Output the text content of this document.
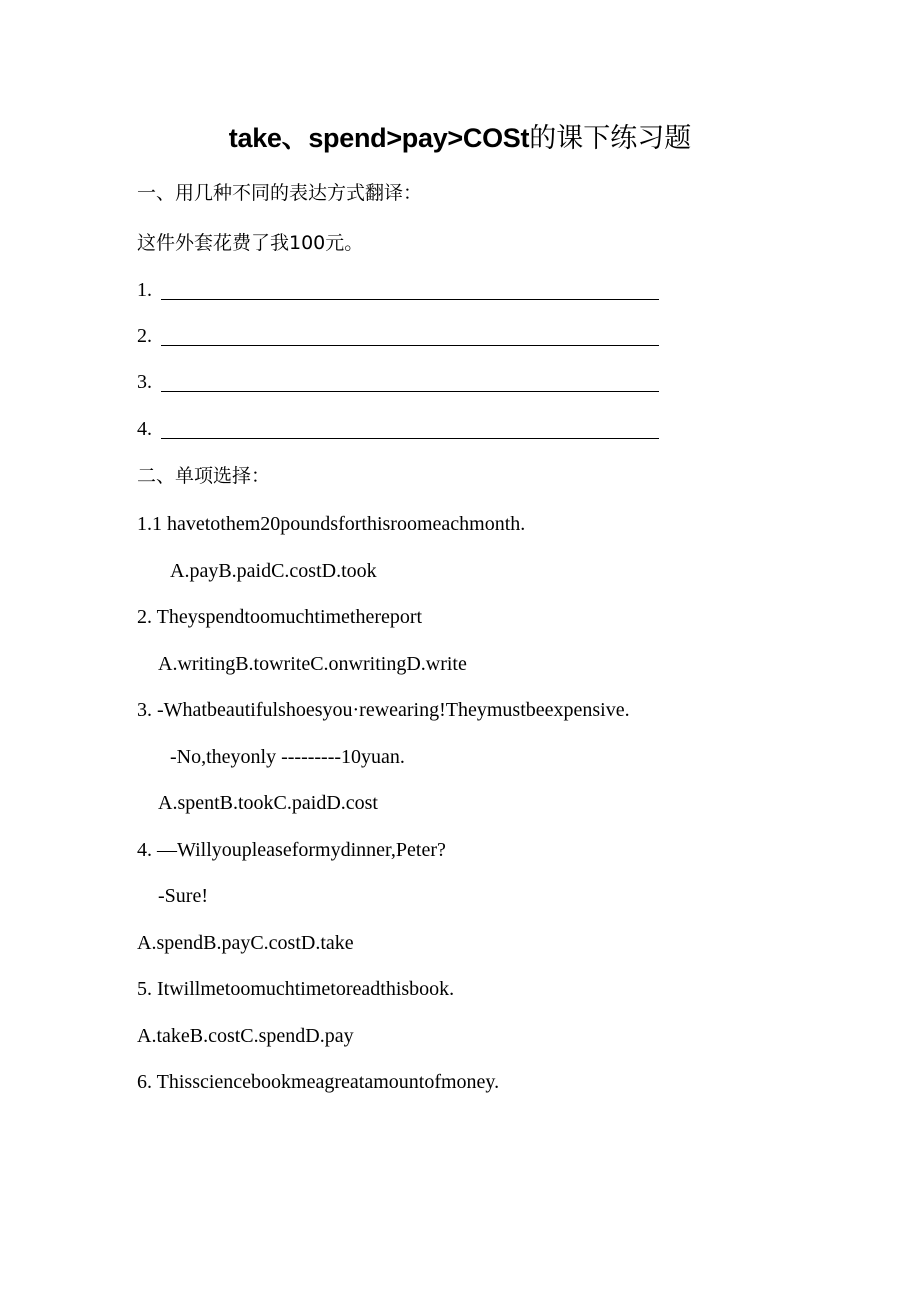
take、spend>pay>COSt的课下练习题
一、用几种不同的表达方式翻译：
这件外套花费了我100元。
1.
2.
3.
4.
二、单项选择：
1.1 havetothem20poundsforthisroomeachmonth.
A.payB.paidC.costD.took
2. Theyspendtoomuchtimethereport
A.writingB.towriteC.onwritingD.write
3. -Whatbeautifulshoesyou·rewearing!Theymustbeexpensive.
-No,theyonly ---------10yuan.
A.spentB.tookC.paidD.cost
4. —Willyoupleaseformydinner,Peter?
-Sure!
A.spendB.payC.costD.take
5. Itwillmetoomuchtimetoreadthisbook.
A.takeB.costC.spendD.pay
6. Thissciencebookmeagreatamountofmoney.
